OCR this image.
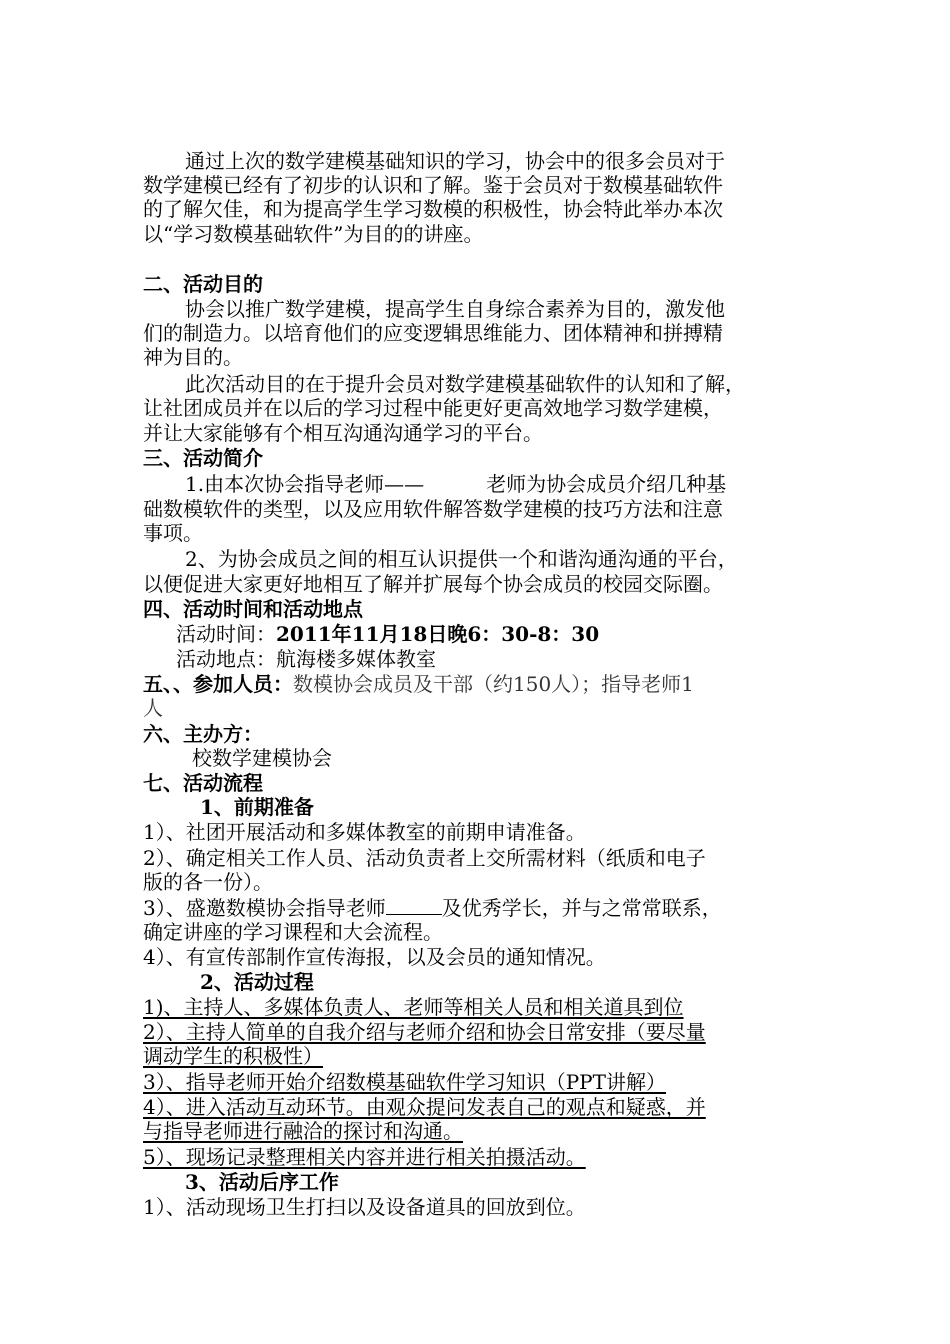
通过上次的数学建模基础知识的学习，协会中的很多会员对于
数学建模已经有了初步的认识和了解。鉴于会员对于数模基础软件
的了解欠佳，和为提高学生学习数模的积极性，协会特此举办本次
以“学习数模基础软件”为目的的讲座。
二、活动目的
协会以推广数学建模，提高学生自身综合素养为目的，激发他
们的制造力。以培育他们的应变逻辑思维能力、团体精神和拼搏精
神为目的。
此次活动目的在于提升会员对数学建模基础软件的认知和了解，
让社团成员并在以后的学习过程中能更好更高效地学习数学建模，
并让大家能够有个相互沟通沟通学习的平台。
三、活动简介
1.由本次协会指导老师——	老师为协会成员介绍几种基
础数模软件的类型，以及应用软件解答数学建模的技巧方法和注意
事项。
2、为协会成员之间的相互认识提供一个和谐沟通沟通的平台，
以便促进大家更好地相互了解并扩展每个协会成员的校园交际圈。
四、活动时间和活动地点
活动时间：2011年11月18日晚6：30-8：30
活动地点：航海楼多媒体教室
五、、参加人员：数模协会成员及干部（约150人）；指导老师1
人
六、主办方：
校数学建模协会
七、活动流程
1、前期准备
1）、社团开展活动和多媒体教室的前期申请准备。
2）、确定相关工作人员、活动负责者上交所需材料（纸质和电子
版的各一份）。
3）、盛邀数模协会指导老师	及优秀学长，并与之常常联系，
确定讲座的学习课程和大会流程。
4）、有宣传部制作宣传海报，以及会员的通知情况。
2、活动过程
1)、主持人、多媒体负责人、老师等相关人员和相关道具到位
2）、主持人简单的自我介绍与老师介绍和协会日常安排（要尽量
调动学生的积极性）
3）、指导老师开始介绍数模基础软件学习知识（PPT讲解）
4）、进入活动互动环节。由观众提问发表自己的观点和疑惑，并
与指导老师进行融洽的探讨和沟通。
5）、现场记录整理相关内容并进行相关拍摄活动。
3、活动后序工作
1）、活动现场卫生打扫以及设备道具的回放到位。
